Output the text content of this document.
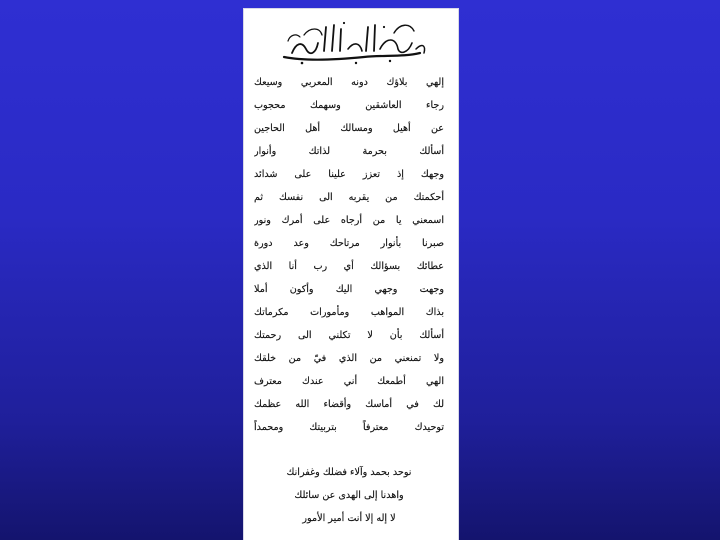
بسم الله الرحمن الرحيم
إلهي بلاؤك دونه المعربي وسيعك
رجاء العاشقين وسهمك محجوب
عن أهيل ومسالك أهل الحاجين
أسألك بحرمة لذاتك وأنوار
وجهك إذ تعزز علينا على شدائد
أحكمتك من يقربه الى نفسك ثم
اسمعني يا من أرجاه على أمرك ونور
صبرنا بأنوار مرتاحك وعد دورة
عطائك بسؤالك أي رب أنا الذي
وجهت وجهي اليك وأكون أملا
بذاك المواهب ومأمورات مكرماتك
أسألك بأن لا تكلني الى رحمتك
ولا تمنعني من الذي فيّ من خلقك
الهي أطمعك أني عندك معترف
لك في أماسك وأقضاء الله عظمك
توحيدك معترفاً بتربيتك ومحمداً
نوحد بحمد وآلاء فضلك وغفرانك
واهدنا إلى الهدى عن سائلك
لا إله إلا أنت أمير الأمور
